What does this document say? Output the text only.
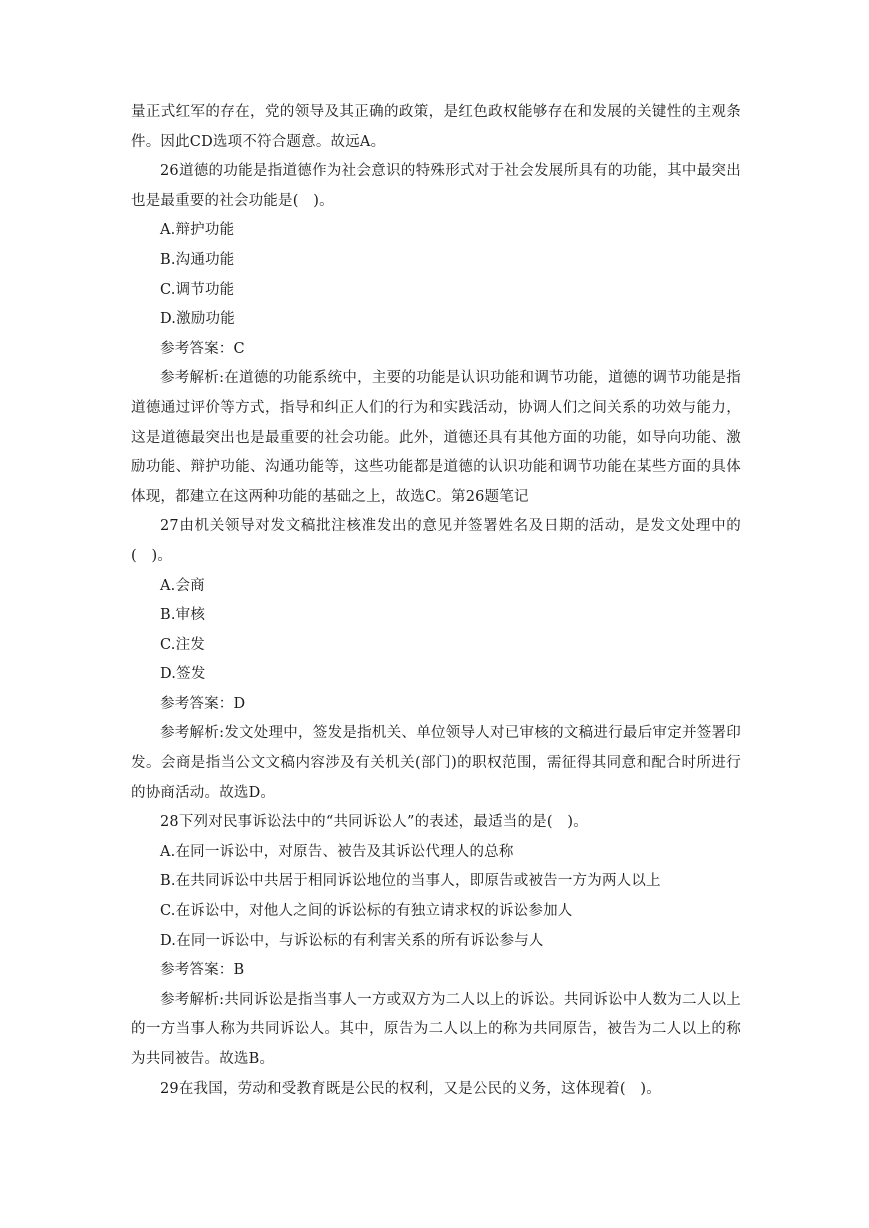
量正式红军的存在，党的领导及其正确的政策，是红色政权能够存在和发展的关键性的主观条件。因此CD选项不符合题意。故远A。

26道德的功能是指道德作为社会意识的特殊形式对于社会发展所具有的功能，其中最突出也是最重要的社会功能是(　)。

A.辩护功能

B.沟通功能

C.调节功能

D.激励功能

参考答案：C

参考解析:在道德的功能系统中，主要的功能是认识功能和调节功能，道德的调节功能是指道德通过评价等方式，指导和纠正人们的行为和实践活动，协调人们之间关系的功效与能力，这是道德最突出也是最重要的社会功能。此外，道德还具有其他方面的功能，如导向功能、激励功能、辩护功能、沟通功能等，这些功能都是道德的认识功能和调节功能在某些方面的具体体现，都建立在这两种功能的基础之上，故选C。第26题笔记

27由机关领导对发文稿批注核准发出的意见并签署姓名及日期的活动，是发文处理中的(　)。

A.会商

B.审核

C.注发

D.签发

参考答案：D

参考解析:发文处理中，签发是指机关、单位领导人对已审核的文稿进行最后审定并签署印发。会商是指当公文文稿内容涉及有关机关(部门)的职权范围，需征得其同意和配合时所进行的协商活动。故选D。

28下列对民事诉讼法中的“共同诉讼人”的表述，最适当的是(　)。

A.在同一诉讼中，对原告、被告及其诉讼代理人的总称

B.在共同诉讼中共居于相同诉讼地位的当事人，即原告或被告一方为两人以上

C.在诉讼中，对他人之间的诉讼标的有独立请求权的诉讼参加人

D.在同一诉讼中，与诉讼标的有利害关系的所有诉讼参与人

参考答案：B

参考解析:共同诉讼是指当事人一方或双方为二人以上的诉讼。共同诉讼中人数为二人以上的一方当事人称为共同诉讼人。其中，原告为二人以上的称为共同原告，被告为二人以上的称为共同被告。故选B。

29在我国，劳动和受教育既是公民的权利，又是公民的义务，这体现着(　)。
